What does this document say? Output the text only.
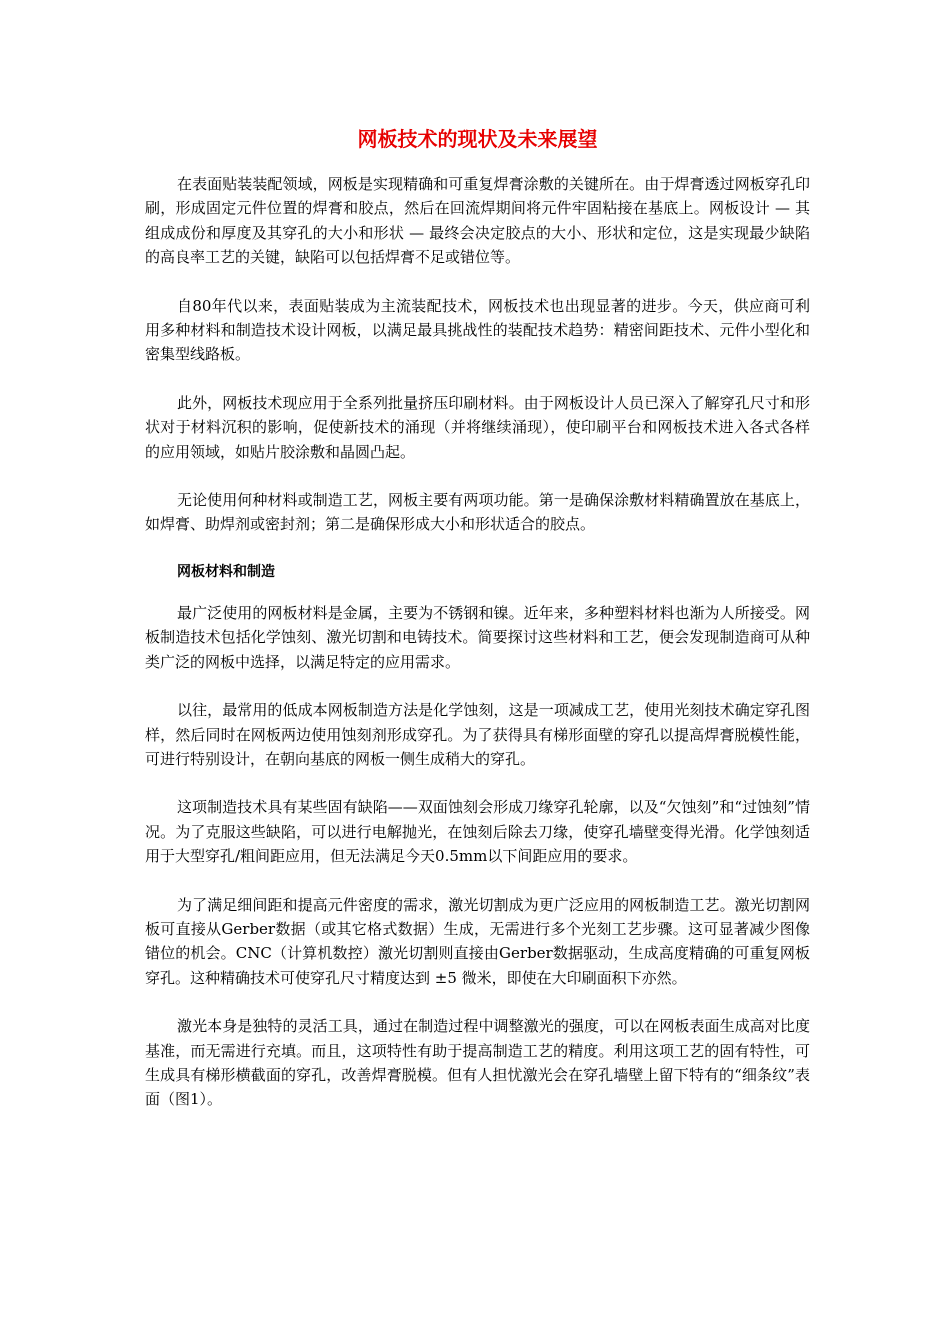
网板技术的现状及未来展望

在表面贴装装配领域，网板是实现精确和可重复焊膏涂敷的关键所在。由于焊膏透过网板穿孔印刷，形成固定元件位置的焊膏和胶点，然后在回流焊期间将元件牢固粘接在基底上。网板设计 — 其组成成份和厚度及其穿孔的大小和形状 — 最终会决定胶点的大小、形状和定位，这是实现最少缺陷的高良率工艺的关键，缺陷可以包括焊膏不足或错位等。

自80年代以来，表面贴装成为主流装配技术，网板技术也出现显著的进步。今天，供应商可利用多种材料和制造技术设计网板，以满足最具挑战性的装配技术趋势：精密间距技术、元件小型化和密集型线路板。

此外，网板技术现应用于全系列批量挤压印刷材料。由于网板设计人员已深入了解穿孔尺寸和形状对于材料沉积的影响，促使新技术的涌现（并将继续涌现），使印刷平台和网板技术进入各式各样的应用领域，如贴片胶涂敷和晶圆凸起。

无论使用何种材料或制造工艺，网板主要有两项功能。第一是确保涂敷材料精确置放在基底上，如焊膏、助焊剂或密封剂；第二是确保形成大小和形状适合的胶点。

网板材料和制造

最广泛使用的网板材料是金属，主要为不锈钢和镍。近年来，多种塑料材料也渐为人所接受。网板制造技术包括化学蚀刻、激光切割和电铸技术。简要探讨这些材料和工艺，便会发现制造商可从种类广泛的网板中选择，以满足特定的应用需求。

以往，最常用的低成本网板制造方法是化学蚀刻，这是一项减成工艺，使用光刻技术确定穿孔图样，然后同时在网板两边使用蚀刻剂形成穿孔。为了获得具有梯形面壁的穿孔以提高焊膏脱模性能，可进行特别设计，在朝向基底的网板一侧生成稍大的穿孔。

这项制造技术具有某些固有缺陷——双面蚀刻会形成刀缘穿孔轮廓，以及“欠蚀刻”和“过蚀刻”情况。为了克服这些缺陷，可以进行电解抛光，在蚀刻后除去刀缘，使穿孔墙壁变得光滑。化学蚀刻适用于大型穿孔/粗间距应用，但无法满足今天0.5mm以下间距应用的要求。

为了满足细间距和提高元件密度的需求，激光切割成为更广泛应用的网板制造工艺。激光切割网板可直接从Gerber数据（或其它格式数据）生成，无需进行多个光刻工艺步骤。这可显著减少图像错位的机会。CNC（计算机数控）激光切割则直接由Gerber数据驱动，生成高度精确的可重复网板穿孔。这种精确技术可使穿孔尺寸精度达到 ±5 微米，即使在大印刷面积下亦然。

激光本身是独特的灵活工具，通过在制造过程中调整激光的强度，可以在网板表面生成高对比度基准，而无需进行充填。而且，这项特性有助于提高制造工艺的精度。利用这项工艺的固有特性，可生成具有梯形横截面的穿孔，改善焊膏脱模。但有人担忧激光会在穿孔墙壁上留下特有的“细条纹”表面（图1）。
